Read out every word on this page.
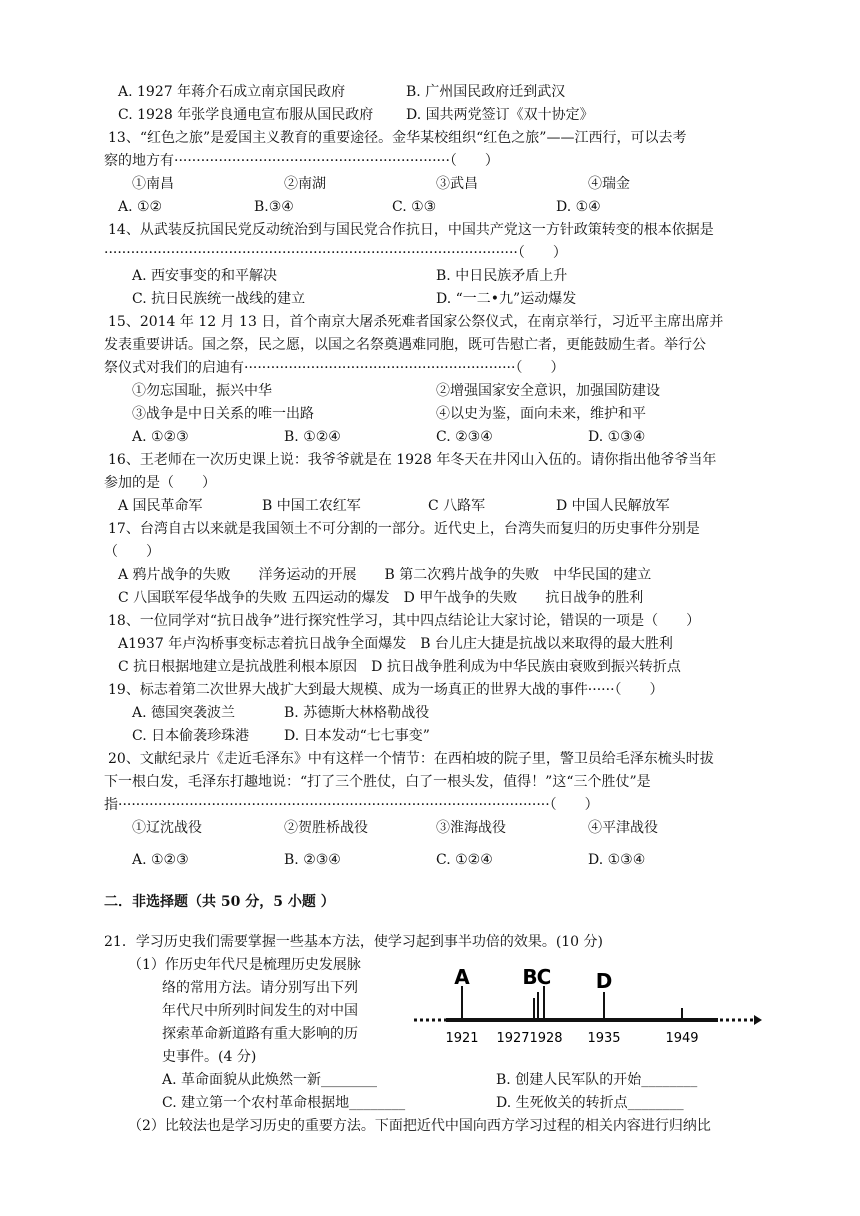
A. 1927 年蒋介石成立南京国民政府	B. 广州国民政府迁到武汉
C. 1928 年张学良通电宣布服从国民政府 D. 国共两党签订《双十协定》
13、“红色之旅”是爱国主义教育的重要途径。金华某校组织“红色之旅”——江西行，可以去考
察的地方有······························································（　　）
①南昌	②南湖	③武昌	④瑞金
A. ①②	B.③④	C. ①③	D. ①④
14、从武装反抗国民党反动统治到与国民党合作抗日，中国共产党这一方针政策转变的根本依据是
·····························································································（　　）
A. 西安事变的和平解决	B. 中日民族矛盾上升
C. 抗日民族统一战线的建立	D. “一二•九”运动爆发
15、2014 年 12 月 13 日，首个南京大屠杀死难者国家公祭仪式，在南京举行，习近平主席出席并
发表重要讲话。国之祭，民之愿，以国之名祭奠遇难同胞，既可告慰亡者，更能鼓励生者。举行公
祭仪式对我们的启迪有·····························································（　　）
①勿忘国耻，振兴中华	②增强国家安全意识，加强国防建设
③战争是中日关系的唯一出路	④以史为鉴，面向未来，维护和平
A. ①②③	B. ①②④	C. ②③④	D. ①③④
16、王老师在一次历史课上说：我爷爷就是在 1928 年冬天在井冈山入伍的。请你指出他爷爷当年
参加的是（　　）
A 国民革命军	B 中国工农红军	C 八路军	D 中国人民解放军
17、台湾自古以来就是我国领土不可分割的一部分。近代史上，台湾失而复归的历史事件分别是
（　　）
A 鸦片战争的失败　　洋务运动的开展　　B 第二次鸦片战争的失败　中华民国的建立
C 八国联军侵华战争的失败 五四运动的爆发　D 甲午战争的失败　　抗日战争的胜利
18、一位同学对“抗日战争”进行探究性学习，其中四点结论让大家讨论，错误的一项是（　　）
A1937 年卢沟桥事变标志着抗日战争全面爆发　B 台儿庄大捷是抗战以来取得的最大胜利
C 抗日根据地建立是抗战胜利根本原因　D 抗日战争胜利成为中华民族由衰败到振兴转折点
19、标志着第二次世界大战扩大到最大规模、成为一场真正的世界大战的事件······（　　）
A. 德国突袭波兰	B. 苏德斯大林格勒战役
C. 日本偷袭珍珠港 D. 日本发动“七七事变”
20、文献纪录片《走近毛泽东》中有这样一个情节：在西柏坡的院子里，警卫员给毛泽东梳头时拔
下一根白发，毛泽东打趣地说：“打了三个胜仗，白了一根头发，值得！”这“三个胜仗”是
指·································································································（　　）
①辽沈战役	②贺胜桥战役	③淮海战役	④平津战役
A. ①②③	B. ②③④	C. ①②④	D. ①③④
二．非选择题（共 50 分，5 小题 ）
21．学习历史我们需要掌握一些基本方法，使学习起到事半功倍的效果。(10 分)
（1）作历史年代尺是梳理历史发展脉
络的常用方法。请分别写出下列
年代尺中所列时间发生的对中国
探索革命新道路有重大影响的历
史事件。(4 分)
A	B C D
1921 1927 1928 1935	1949
A. 革命面貌从此焕然一新________	B. 创建人民军队的开始________
C. 建立第一个农村革命根据地________	D. 生死攸关的转折点________
（2）比较法也是学习历史的重要方法。下面把近代中国向西方学习过程的相关内容进行归纳比
